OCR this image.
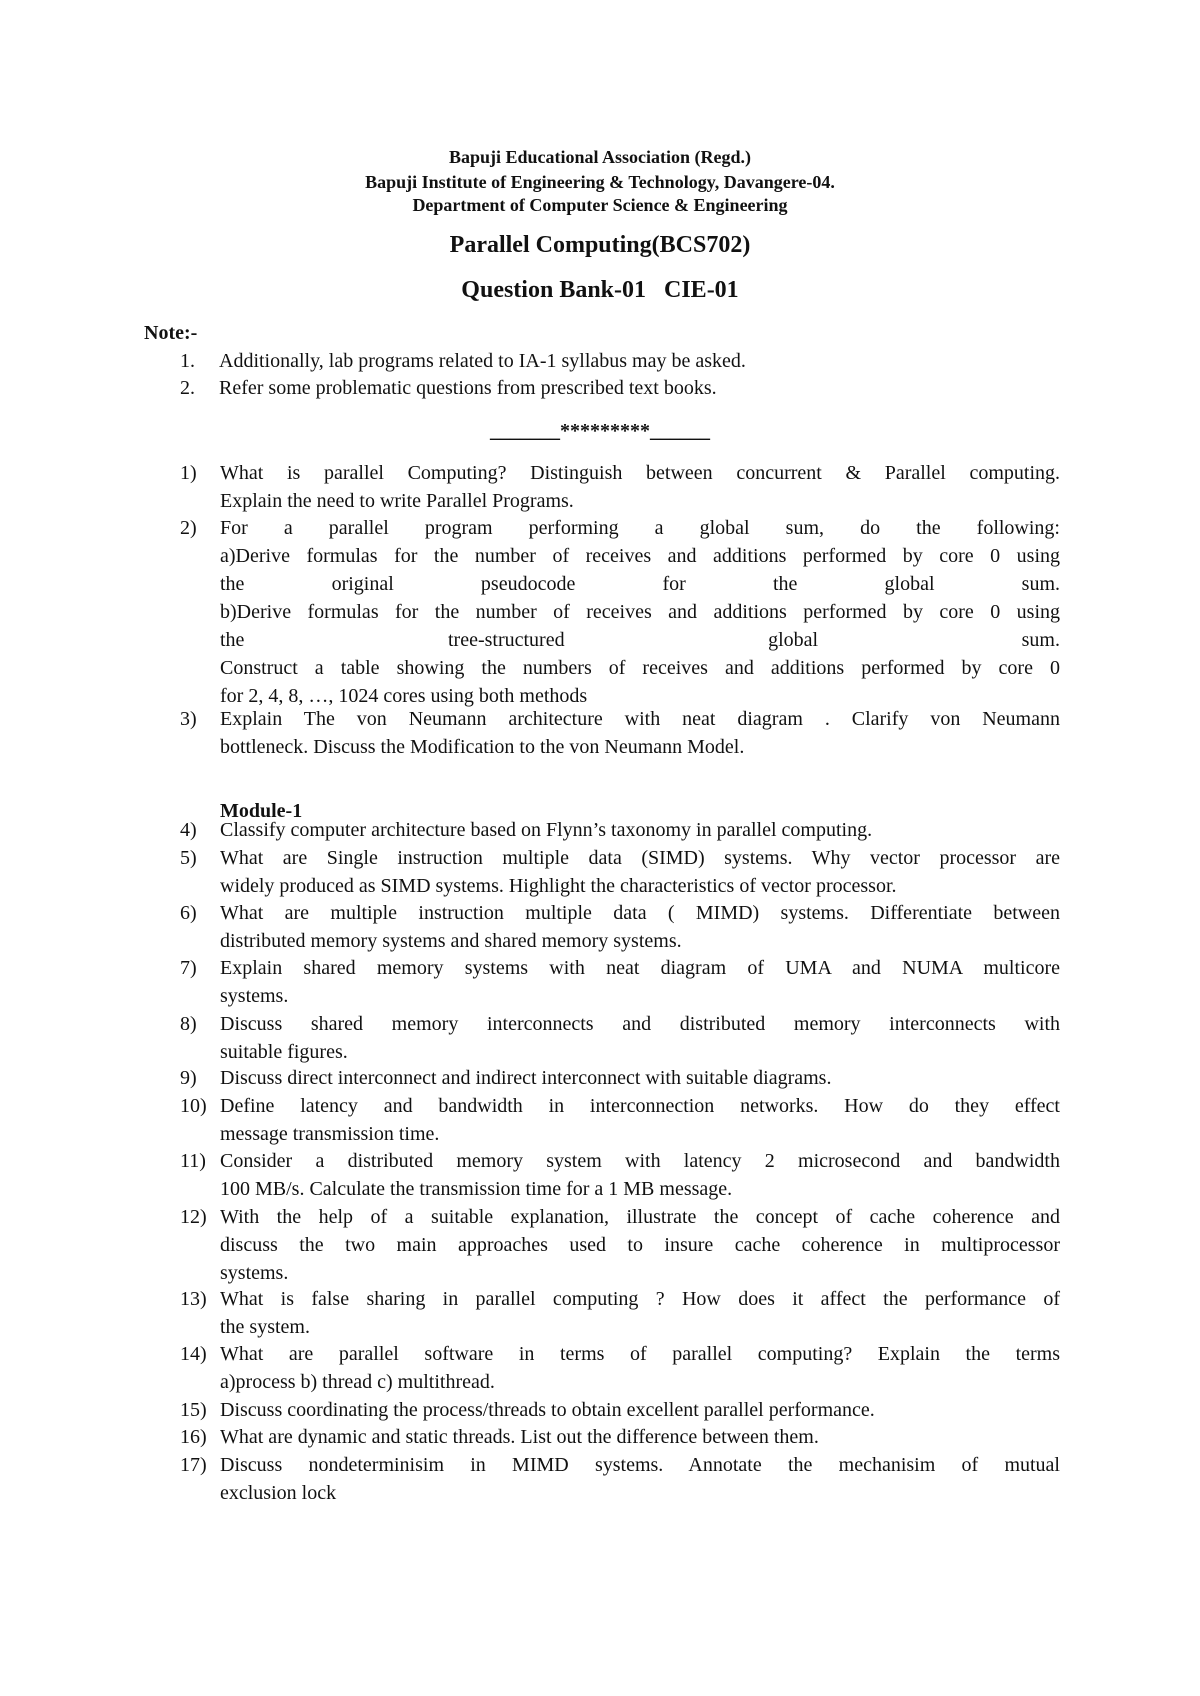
Bapuji Educational Association (Regd.)
Bapuji Institute of Engineering & Technology, Davangere-04.
Department of Computer Science & Engineering
Parallel Computing(BCS702)
Question Bank-01   CIE-01
Note:-
1. Additionally, lab programs related to IA-1 syllabus may be asked.
2. Refer some problematic questions from prescribed text books.
_______*********______
Module-1
1)	What is parallel Computing? Distinguish between concurrent & Parallel computing.
Explain the need to write Parallel Programs.
2)	For a parallel program performing a global sum, do the following:
a)Derive formulas for the number of receives and additions performed by core 0 using
the original pseudocode for the global sum.
b)Derive formulas for the number of receives and additions performed by core 0 using
the tree-structured global sum.
Construct a table showing the numbers of receives and additions performed by core 0
for 2, 4, 8, …, 1024 cores using both methods
3)	Explain The von Neumann architecture with neat diagram . Clarify von Neumann
bottleneck. Discuss the Modification to the von Neumann Model.
4)	Classify computer architecture based on Flynn’s taxonomy in parallel computing.
5)	What are Single instruction multiple data (SIMD) systems. Why vector processor are
widely produced as SIMD systems. Highlight the characteristics of vector processor.
6)	What are multiple instruction multiple data ( MIMD) systems. Differentiate between
distributed memory systems and shared memory systems.
7)	Explain shared memory systems with neat diagram of UMA and NUMA multicore
systems.
8)	Discuss shared memory interconnects and distributed memory interconnects with
suitable figures.
9)	Discuss direct interconnect and indirect interconnect with suitable diagrams.
10) Define latency and bandwidth in interconnection networks. How do they effect
message transmission time.
11) Consider a distributed memory system with latency 2 microsecond and bandwidth
100 MB/s. Calculate the transmission time for a 1 MB message.
12) With the help of a suitable explanation, illustrate the concept of cache coherence and
discuss the two main approaches used to insure cache coherence in multiprocessor
systems.
13) What is false sharing in parallel computing ? How does it affect the performance of
the system.
14) What are parallel software in terms of parallel computing? Explain the terms
a)process b) thread c) multithread.
15) Discuss coordinating the process/threads to obtain excellent parallel performance.
16) What are dynamic and static threads. List out the difference between them.
17) Discuss nondeterminisim in MIMD systems. Annotate the mechanisim of mutual
exclusion lock
